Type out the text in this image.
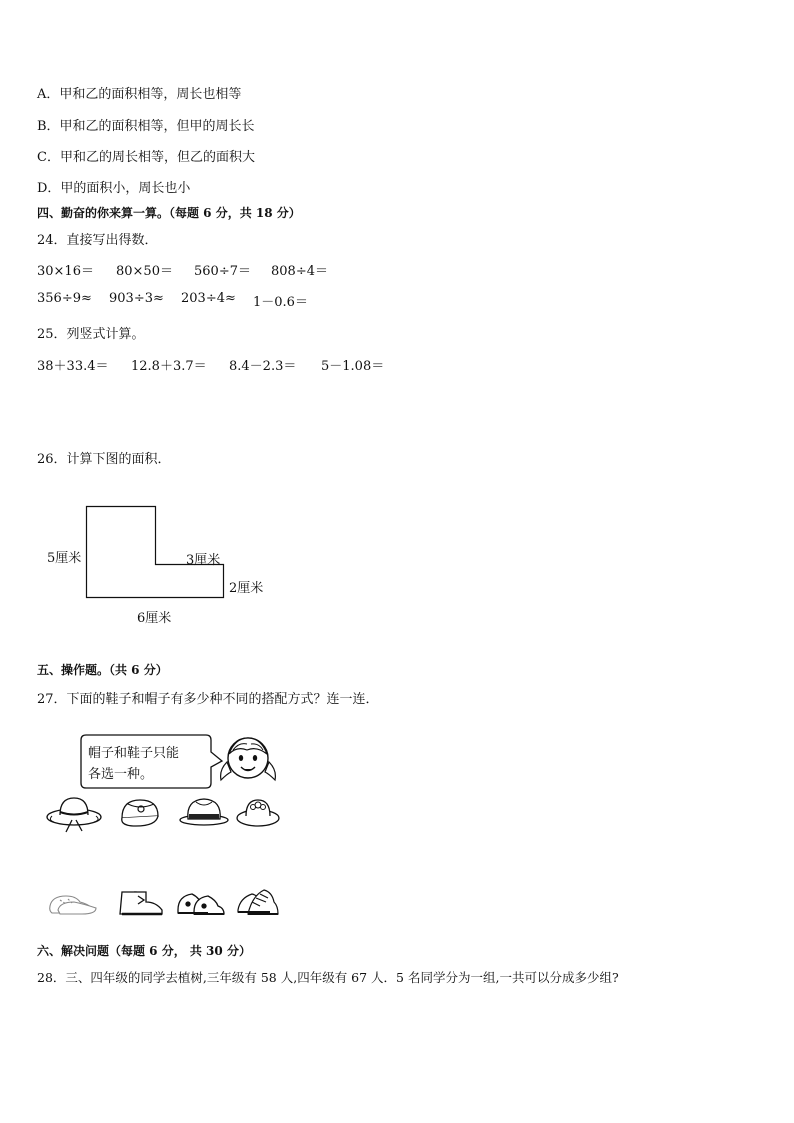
A．甲和乙的面积相等，周长也相等
B．甲和乙的面积相等，但甲的周长长
C．甲和乙的周长相等，但乙的面积大
D．甲的面积小，周长也小
四、勤奋的你来算一算。（每题 6 分，共 18 分）
24．直接写出得数．
30×16＝ 80×50＝ 560÷7＝ 808÷4＝
356÷9≈ 903÷3≈ 203÷4≈ 1－0.6＝
25．列竖式计算。
38＋33.4＝ 12.8＋3.7＝ 8.4－2.3＝ 5－1.08＝
26．计算下图的面积．
5厘米	3厘米
2厘米
6厘米
五、操作题。（共 6 分）
27．下面的鞋子和帽子有多少种不同的搭配方式？连一连．
帽子和鞋子只能
各选一种。
六、解决问题（每题 6 分， 共 30 分）
28．三、四年级的同学去植树,三年级有 58 人,四年级有 67 人．5 名同学分为一组,一共可以分成多少组?
